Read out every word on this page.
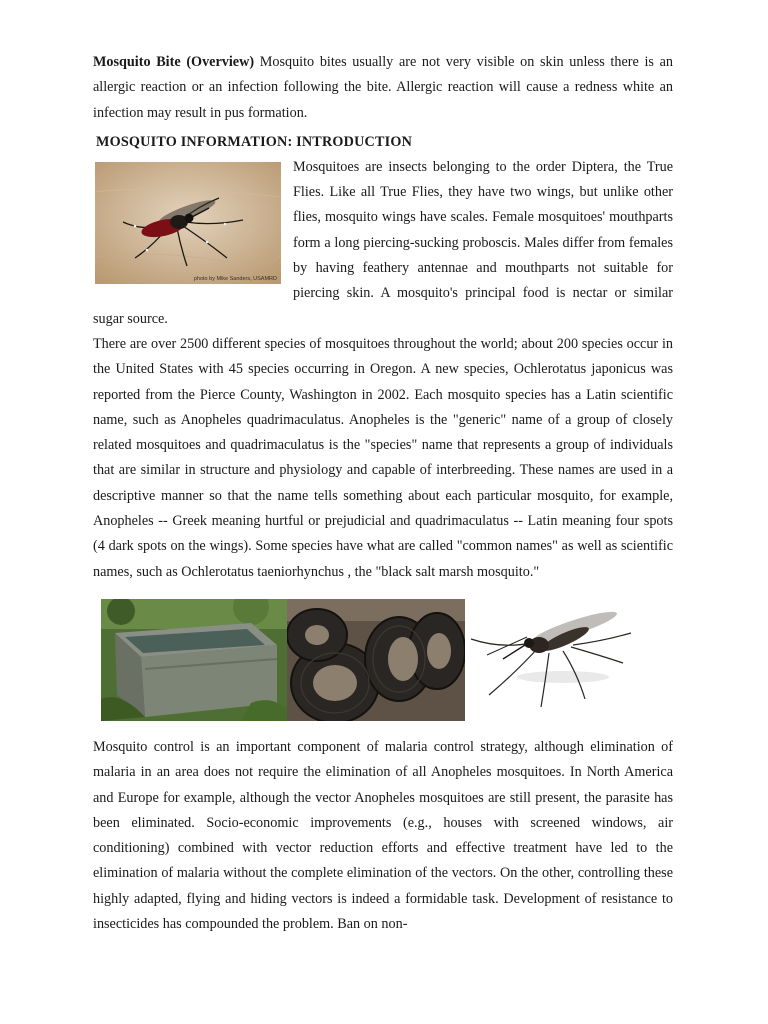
Mosquito Bite (Overview) Mosquito bites usually are not very visible on skin unless there is an allergic reaction or an infection following the bite. Allergic reaction will cause a redness white an infection may result in pus formation.

MOSQUITO INFORMATION: INTRODUCTION
photo by Mike Sanders, USAMRD

Mosquitoes are insects belonging to the order Diptera, the True Flies. Like all True Flies, they have two wings, but unlike other flies, mosquito wings have scales. Female mosquitoes' mouthparts form a long piercing-sucking proboscis. Males differ from females by having feathery antennae and mouthparts not suitable for piercing skin. A mosquito's principal food is nectar or similar sugar source.

There are over 2500 different species of mosquitoes throughout the world; about 200 species occur in the United States with 45 species occurring in Oregon. A new species, Ochlerotatus japonicus was reported from the Pierce County, Washington in 2002. Each mosquito species has a Latin scientific name, such as Anopheles quadrimaculatus. Anopheles is the "generic" name of a group of closely related mosquitoes and quadrimaculatus is the "species" name that represents a group of individuals that are similar in structure and physiology and capable of interbreeding. These names are used in a descriptive manner so that the name tells something about each particular mosquito, for example, Anopheles -- Greek meaning hurtful or prejudicial and quadrimaculatus -- Latin meaning four spots (4 dark spots on the wings). Some species have what are called "common names" as well as scientific names, such as Ochlerotatus taeniorhynchus , the "black salt marsh mosquito."

Mosquito control is an important component of malaria control strategy, although elimination of malaria in an area does not require the elimination of all Anopheles mosquitoes. In North America and Europe for example, although the vector Anopheles mosquitoes are still present, the parasite has been eliminated. Socio-economic improvements (e.g., houses with screened windows, air conditioning) combined with vector reduction efforts and effective treatment have led to the elimination of malaria without the complete elimination of the vectors. On the other, controlling these highly adapted, flying and hiding vectors is indeed a formidable task. Development of resistance to insecticides has compounded the problem. Ban on non-
